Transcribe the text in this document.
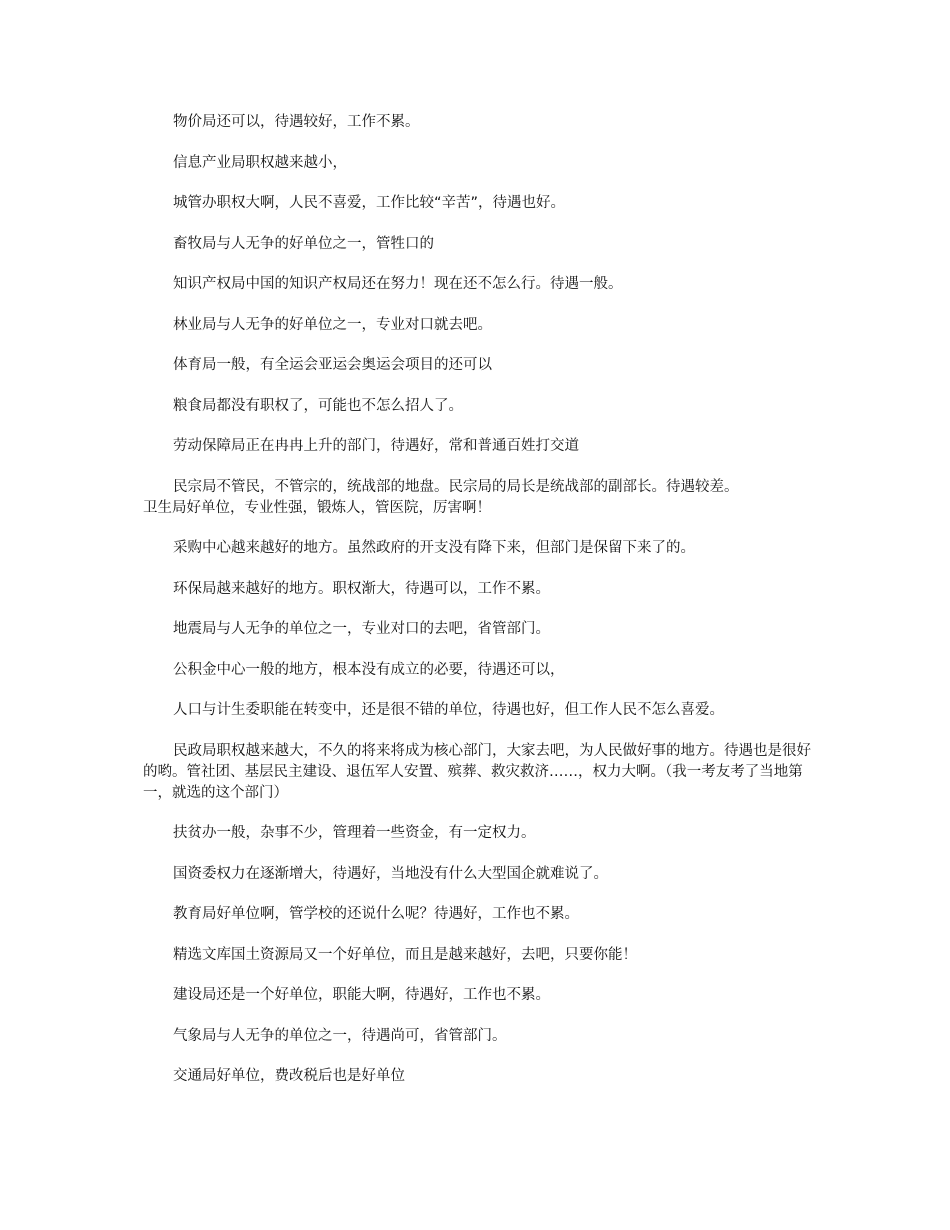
物价局还可以，待遇较好，工作不累。

信息产业局职权越来越小，

城管办职权大啊，人民不喜爱，工作比较“辛苦”，待遇也好。

畜牧局与人无争的好单位之一，管牲口的

知识产权局中国的知识产权局还在努力！现在还不怎么行。待遇一般。

林业局与人无争的好单位之一，专业对口就去吧。

体育局一般，有全运会亚运会奥运会项目的还可以

粮食局都没有职权了，可能也不怎么招人了。

劳动保障局正在冉冉上升的部门，待遇好，常和普通百姓打交道

民宗局不管民，不管宗的，统战部的地盘。民宗局的局长是统战部的副部长。待遇较差。

卫生局好单位，专业性强，锻炼人，管医院，厉害啊！

采购中心越来越好的地方。虽然政府的开支没有降下来，但部门是保留下来了的。

环保局越来越好的地方。职权渐大，待遇可以，工作不累。

地震局与人无争的单位之一，专业对口的去吧，省管部门。

公积金中心一般的地方，根本没有成立的必要，待遇还可以，

人口与计生委职能在转变中，还是很不错的单位，待遇也好，但工作人民不怎么喜爱。

民政局职权越来越大，不久的将来将成为核心部门，大家去吧，为人民做好事的地方。待遇也是很好的哟。管社团、基层民主建设、退伍军人安置、殡葬、救灾救济……，权力大啊。（我一考友考了当地第一，就选的这个部门）

扶贫办一般，杂事不少，管理着一些资金，有一定权力。

国资委权力在逐渐增大，待遇好，当地没有什么大型国企就难说了。

教育局好单位啊，管学校的还说什么呢？待遇好，工作也不累。

精选文库国土资源局又一个好单位，而且是越来越好，去吧，只要你能！

建设局还是一个好单位，职能大啊，待遇好，工作也不累。

气象局与人无争的单位之一，待遇尚可，省管部门。

交通局好单位，费改税后也是好单位
